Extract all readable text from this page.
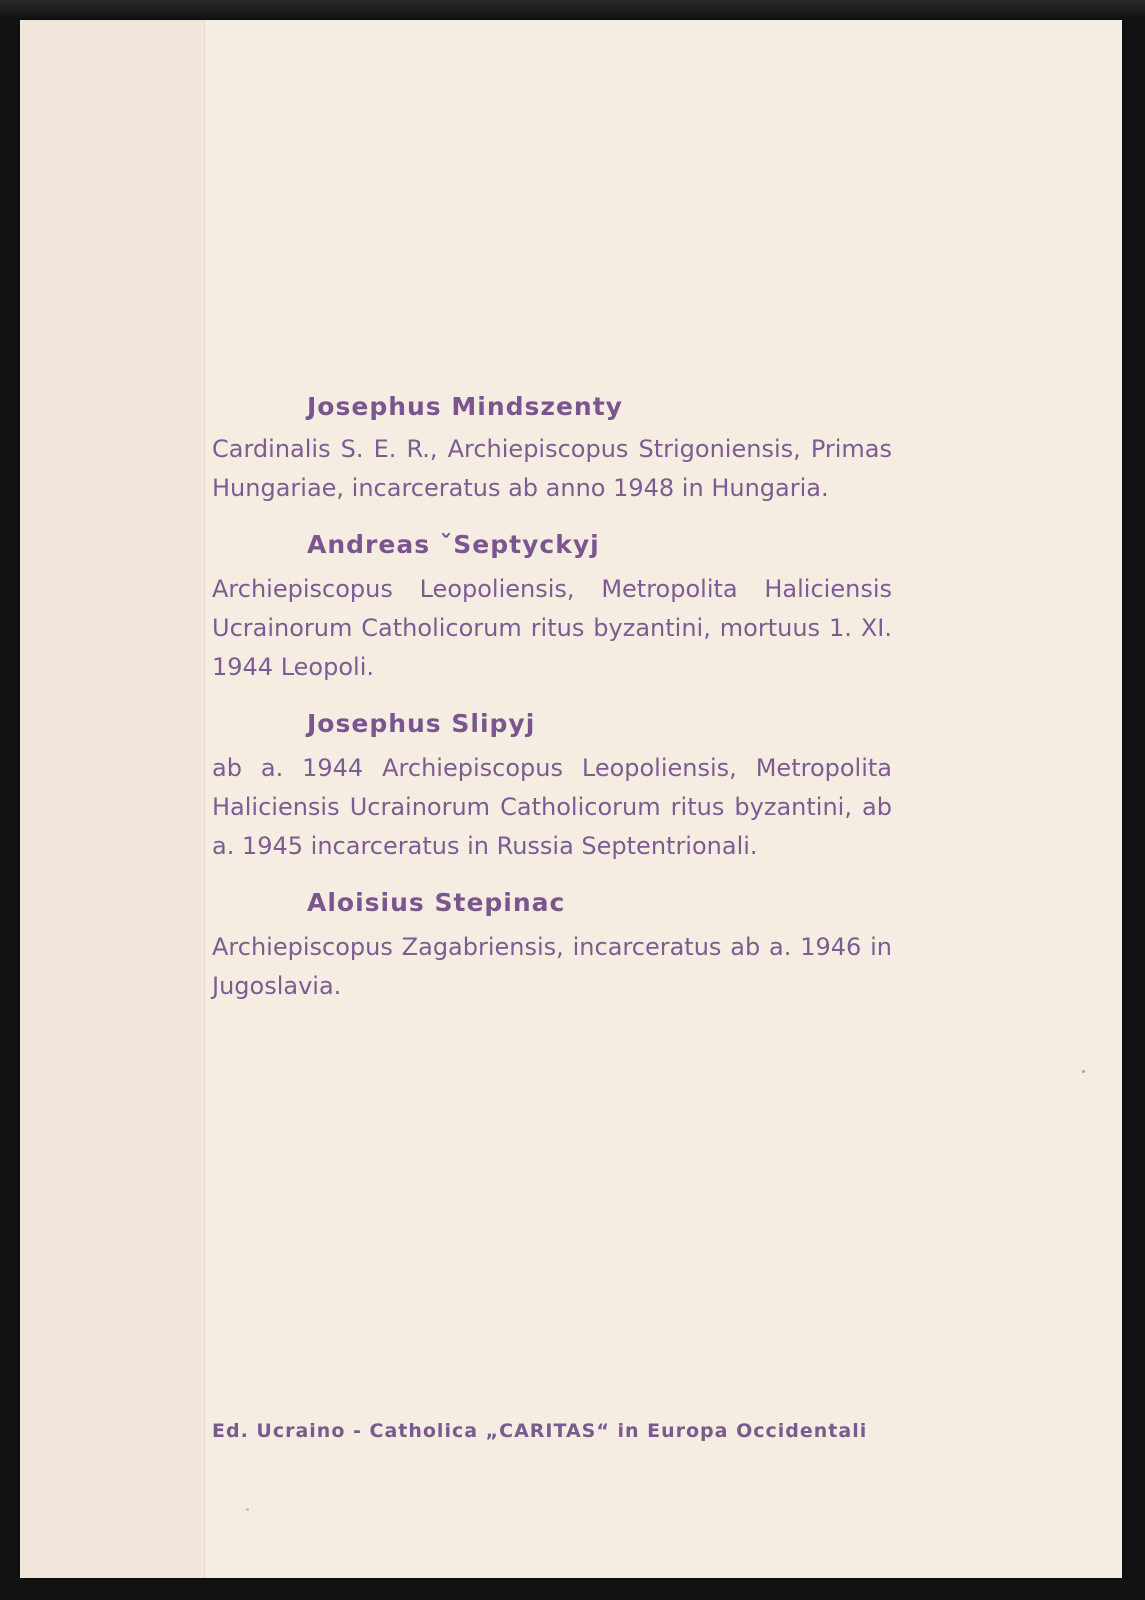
Josephus Mindszenty
Cardinalis S. E. R., Archiepiscopus Strigoniensis, Primas Hungariae, incarceratus ab anno 1948 in Hungaria.
Andreas ˇSeptyckyj
Archiepiscopus Leopoliensis, Metropolita Haliciensis Ucrainorum Catholicorum ritus byzantini, mortuus 1. XI. 1944 Leopoli.
Josephus Slipyj
ab a. 1944 Archiepiscopus Leopoliensis, Metropolita Haliciensis Ucrainorum Catholicorum ritus byzantini, ab a. 1945 incarceratus in Russia Septentrionali.
Aloisius Stepinac
Archiepiscopus Zagabriensis, incarceratus ab a. 1946 in Jugoslavia.
Ed. Ucraino - Catholica „CARITAS“ in Europa Occidentali
